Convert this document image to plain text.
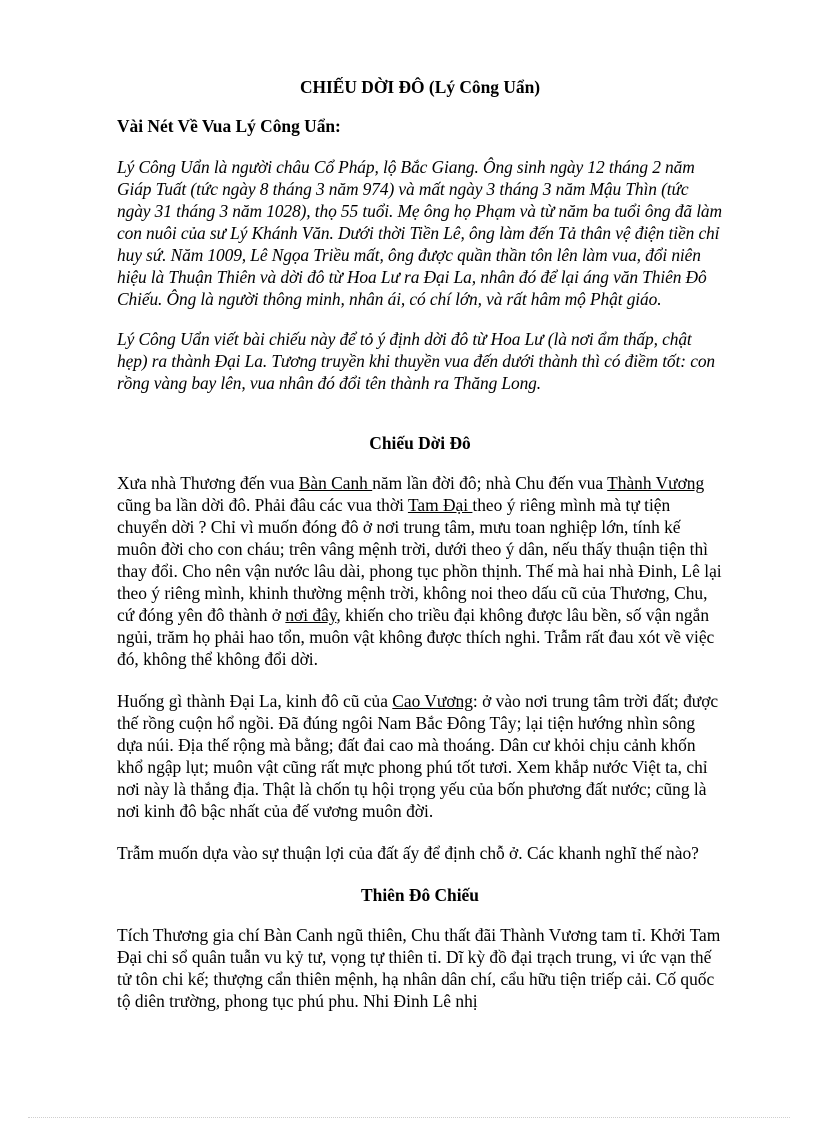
CHIẾU DỜI ĐÔ (Lý Công Uẩn)
Vài Nét Về Vua Lý Công Uẩn:

Lý Công Uẩn là người châu Cổ Pháp, lộ Bắc Giang. Ông sinh ngày 12 tháng 2 năm Giáp Tuất (tức ngày 8 tháng 3 năm 974) và mất ngày 3 tháng 3 năm Mậu Thìn (tức ngày 31 tháng 3 năm 1028), thọ 55 tuổi. Mẹ ông họ Phạm và từ năm ba tuổi ông đã làm con nuôi của sư Lý Khánh Văn. Dưới thời Tiền Lê, ông làm đến Tả thân vệ điện tiền chỉ huy sứ. Năm 1009, Lê Ngọa Triều mất, ông được quần thần tôn lên làm vua, đổi niên hiệu là Thuận Thiên và dời đô từ Hoa Lư ra Đại La, nhân đó để lại áng văn Thiên Đô Chiếu. Ông là người thông minh, nhân ái, có chí lớn, và rất hâm mộ Phật giáo.

Lý Công Uẩn viết bài chiếu này để tỏ ý định dời đô từ Hoa Lư (là nơi ẩm thấp, chật hẹp) ra thành Đại La. Tương truyền khi thuyền vua đến dưới thành thì có điềm tốt: con rồng vàng bay lên, vua nhân đó đổi tên thành ra Thăng Long.

Chiếu Dời Đô

Xưa nhà Thương đến vua Bàn Canh năm lần đời đô; nhà Chu đến vua Thành Vương cũng ba lần dời đô. Phải đâu các vua thời Tam Đại theo ý riêng mình mà tự tiện chuyển dời ? Chỉ vì muốn đóng đô ở nơi trung tâm, mưu toan nghiệp lớn, tính kế muôn đời cho con cháu; trên vâng mệnh trời, dưới theo ý dân, nếu thấy thuận tiện thì thay đổi. Cho nên vận nước lâu dài, phong tục phồn thịnh. Thế mà hai nhà Đinh, Lê lại theo ý riêng mình, khinh thường mệnh trời, không noi theo dấu cũ của Thương, Chu, cứ đóng yên đô thành ở nơi đây, khiến cho triều đại không được lâu bền, số vận ngắn ngủi, trăm họ phải hao tổn, muôn vật không được thích nghi. Trẫm rất đau xót về việc đó, không thể không đổi dời.

Huống gì thành Đại La, kinh đô cũ của Cao Vương: ở vào nơi trung tâm trời đất; được thế rồng cuộn hổ ngồi. Đã đúng ngôi Nam Bắc Đông Tây; lại tiện hướng nhìn sông dựa núi. Địa thế rộng mà bằng; đất đai cao mà thoáng. Dân cư khỏi chịu cảnh khốn khổ ngập lụt; muôn vật cũng rất mực phong phú tốt tươi. Xem khắp nước Việt ta, chỉ nơi này là thắng địa. Thật là chốn tụ hội trọng yếu của bốn phương đất nước; cũng là nơi kinh đô bậc nhất của đế vương muôn đời.

Trẫm muốn dựa vào sự thuận lợi của đất ấy để định chỗ ở. Các khanh nghĩ thế nào?

Thiên Đô Chiếu

Tích Thương gia chí Bàn Canh ngũ thiên, Chu thất đãi Thành Vương tam tỉ. Khởi Tam Đại chi sổ quân tuẫn vu kỷ tư, vọng tự thiên tỉ. Dĩ kỳ đồ đại trạch trung, vi ức vạn thế tử tôn chi kế; thượng cẩn thiên mệnh, hạ nhân dân chí, cẩu hữu tiện triếp cải. Cố quốc tộ diên trường, phong tục phú phu. Nhi Đinh Lê nhị
